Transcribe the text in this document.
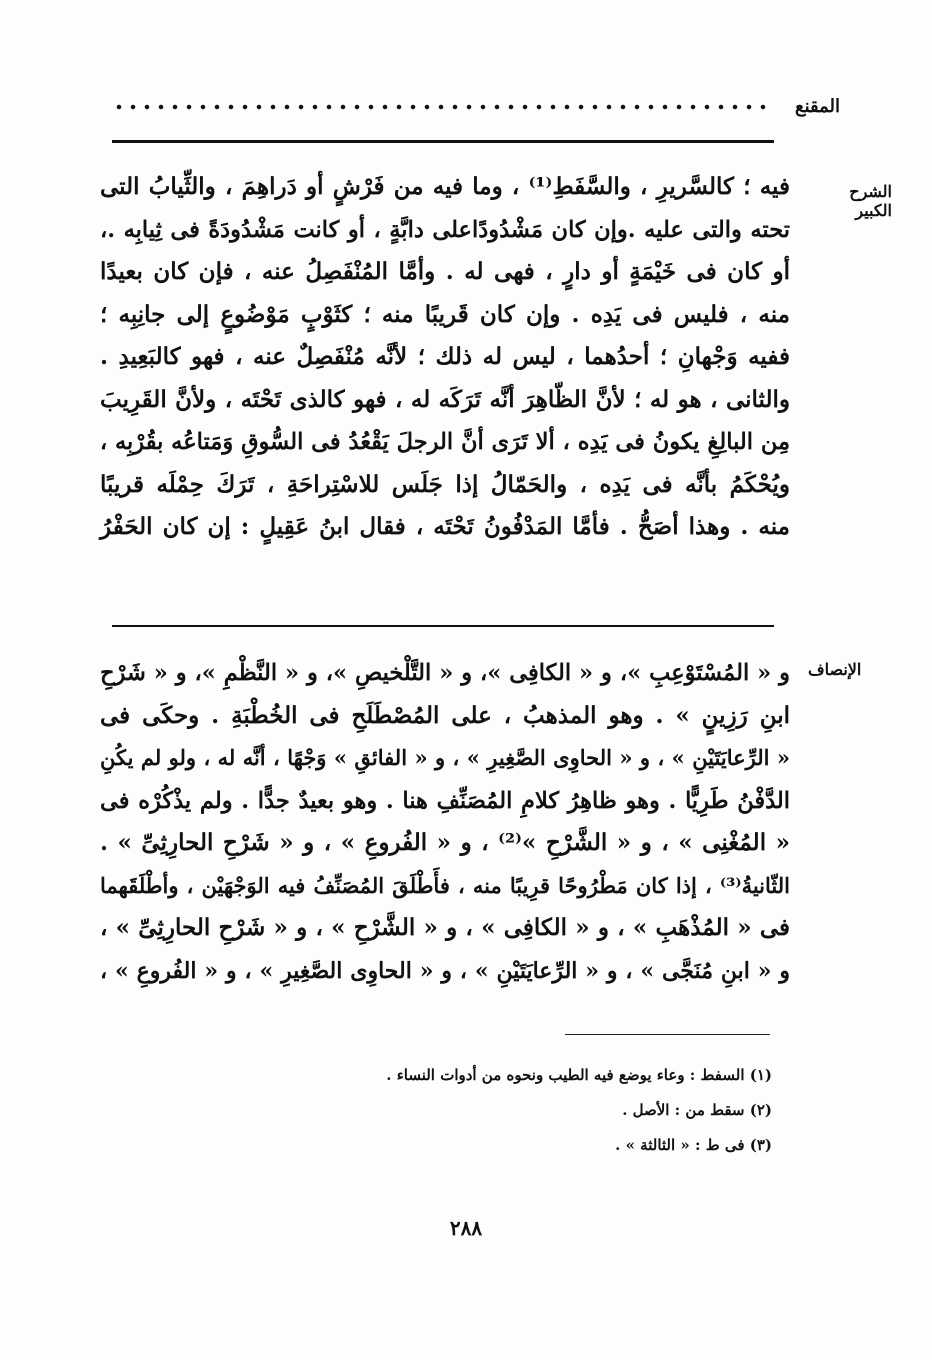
المقنع
الشرح الكبير
فيه ؛ كالسَّريرِ ، والسَّفَطِ⁽¹⁾ ، وما فيه من فَرْشٍ أو دَراهِمَ ، والثِّيابُ التى
تحته والتى عليه .وإن كان مَشْدُودًاعلى دابَّةٍ ، أو كانت مَشْدُودَةً فى ثِيابِه .،
أو كان فى خَيْمَةٍ أو دارٍ ، فهى له . وأمَّا المُنْفَصِلُ عنه ، فإن كان بعيدًا
منه ، فليس فى يَدِه . وإن كان قَريبًا منه ؛ كثَوْبٍ مَوْضُوعٍ إلى جانِبِه ؛
ففيه وَجْهانِ ؛ أحدُهما ، ليس له ذلك ؛ لأنَّه مُنْفَصِلٌ عنه ، فهو كالبَعِيدِ .
والثانى ، هو له ؛ لأنَّ الظّاهِرَ أنَّه تَرَكَه له ، فهو كالذى تَحْتَه ، ولأنَّ القَرِيبَ
مِن البالِغِ يكونُ فى يَدِه ، ألا تَرَى أنَّ الرجلَ يَقْعُدُ فى السُّوقِ وَمَتاعُه بقُرْبِه ،
ويُحْكَمُ بأنَّه فى يَدِه ، والحَمّالُ إذا جَلَس للاسْتِراحَةِ ، تَرَكَ حِمْلَه قريبًا
منه . وهذا أصَحُّ . فأمَّا المَدْفُونُ تَحْتَه ، فقال ابنُ عَقِيلٍ : إن كان الحَفْرُ
الإنصاف
و « المُسْتَوْعِبِ »، و « الكافِى »، و « التَّلْخيصِ »، و « النَّظْمِ »، و « شَرْحِ
ابنِ رَزِينٍ » . وهو المذهبُ ، على المُصْطَلَحِ فى الخُطْبَةِ . وحكَى فى
« الرِّعايَتَيْنِ » ، و « الحاوِى الصَّغِيرِ » ، و « الفائقِ » وَجْهًا ، أنَّه له ، ولو لم يكُنِ
الدَّفْنُ طَرِيًّا . وهو ظاهِرُ كلامِ المُصَنِّفِ هنا . وهو بعيدٌ جدًّا . ولم يذْكُرْه فى
« المُغْنِى » ، و « الشَّرْحِ »⁽²⁾ ، و « الفُروعِ » ، و « شَرْحِ الحارِثِىِّ » .
الثّانيةُ⁽³⁾ ، إذا كان مَطْرُوحًا قرِيبًا منه ، فأَطْلَقَ المُصَنِّفُ فيه الوَجْهَيْن ، وأطْلَقَهما
فى « المُذْهَبِ » ، و « الكافِى » ، و « الشَّرْحِ » ، و « شَرْحِ الحارِثِىِّ » ،
و « ابنِ مُنَجَّى » ، و « الرِّعايَتَيْنِ » ، و « الحاوِى الصَّغِيرِ » ، و « الفُروعِ » ،
(١) السفط : وعاء يوضع فيه الطيب ونحوه من أدوات النساء .
(٢) سقط من : الأصل .
(٣) فى ط : « الثالثة » .
٢٨٨
